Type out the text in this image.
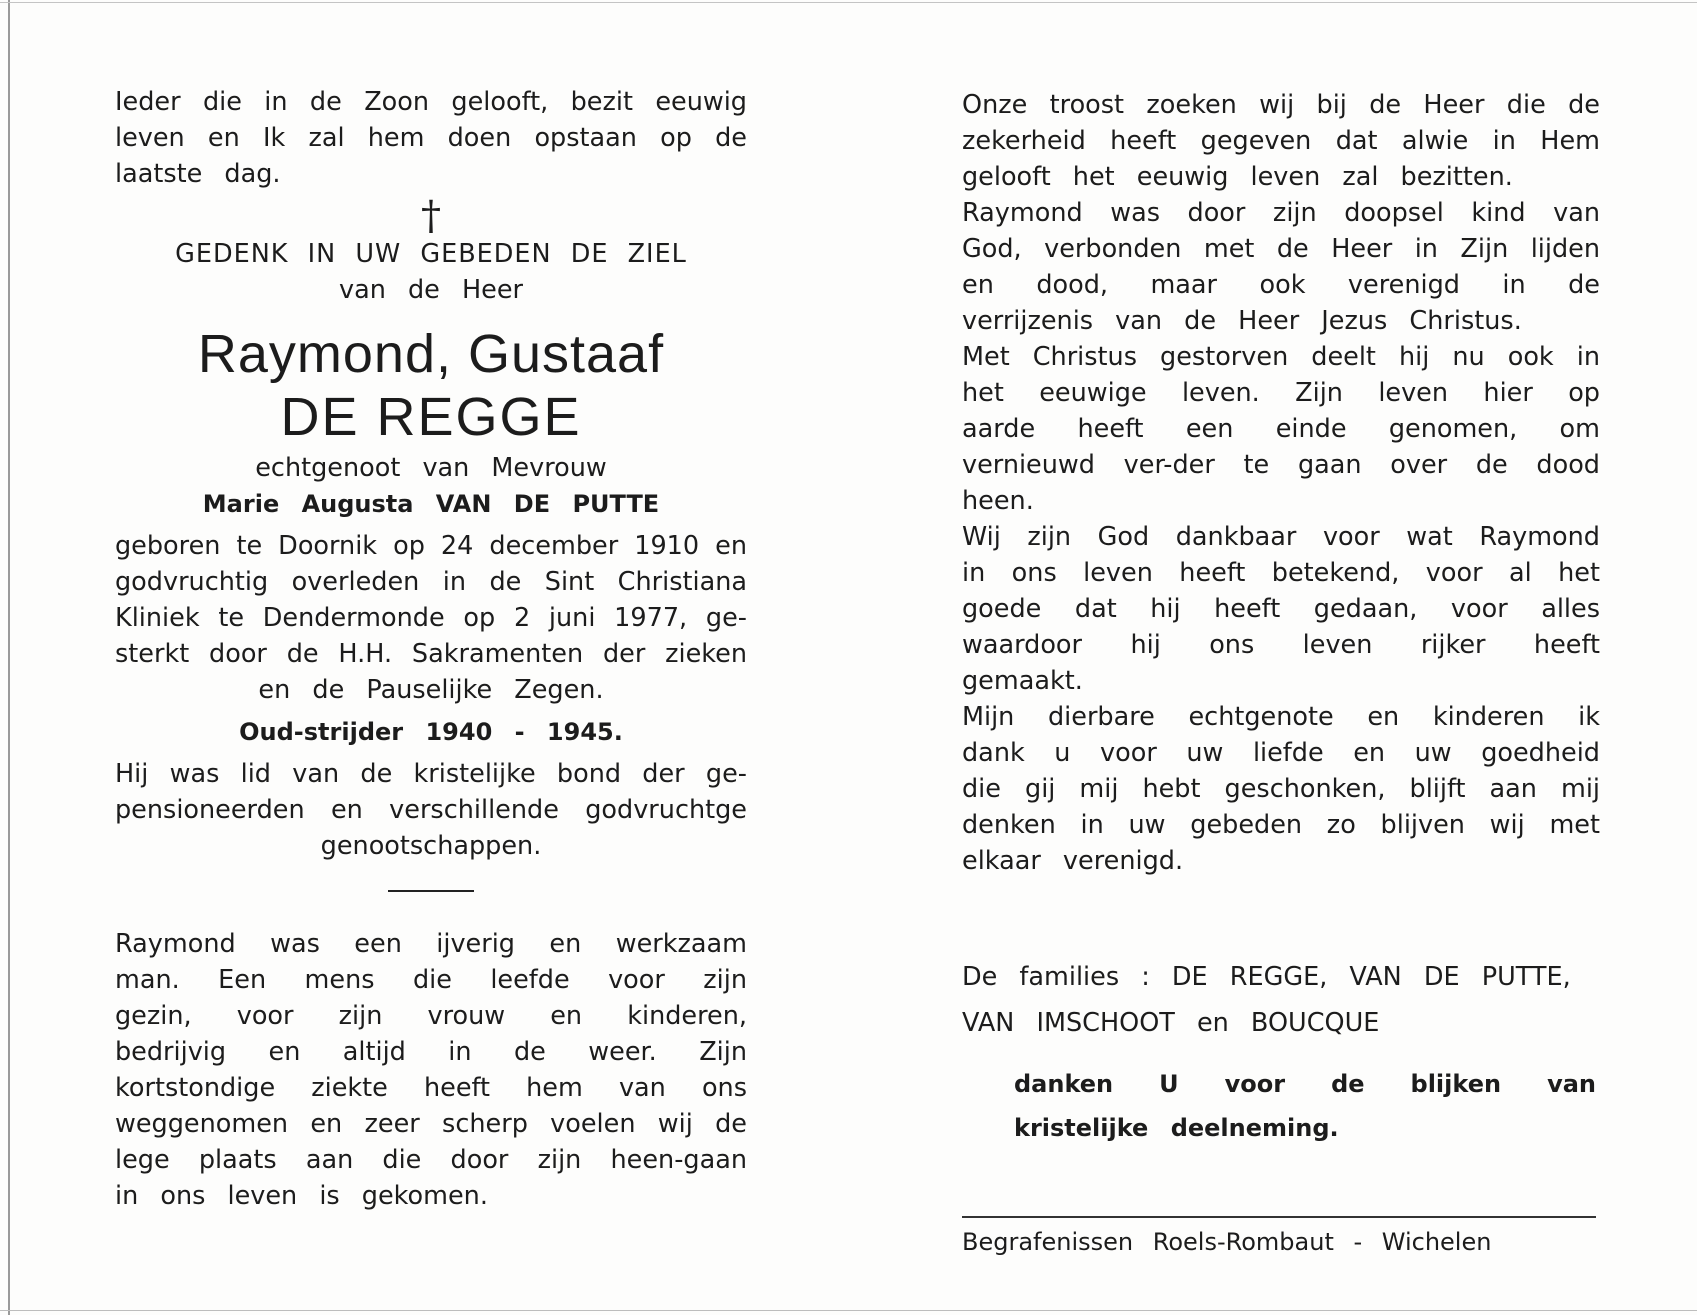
Ieder die in de Zoon gelooft, bezit eeuwig leven en Ik zal hem doen opstaan op de laatste dag.

†

GEDENK IN UW GEBEDEN DE ZIEL

van de Heer

Raymond, Gustaaf
DE REGGE

echtgenoot van Mevrouw

Marie Augusta VAN DE PUTTE

geboren te Doornik op 24 december 1910 en

godvruchtig overleden in de Sint Christiana

Kliniek te Dendermonde op 2 juni 1977, ge-

sterkt door de H.H. Sakramenten der zieken

en de Pauselijke Zegen.

Oud-strijder 1940 - 1945.

Hij was lid van de kristelijke bond der ge-

pensioneerden en verschillende godvruchtge

genootschappen.

Raymond was een ijverig en werkzaam man. Een mens die leefde voor zijn gezin, voor zijn vrouw en kinderen, bedrijvig en altijd in de weer. Zijn kortstondige ziekte heeft hem van ons weggenomen en zeer scherp voelen wij de lege plaats aan die door zijn heen-gaan in ons leven is gekomen.

Onze troost zoeken wij bij de Heer die de zekerheid heeft gegeven dat alwie in Hem gelooft het eeuwig leven zal bezitten.

Raymond was door zijn doopsel kind van God, verbonden met de Heer in Zijn lijden en dood, maar ook verenigd in de verrijzenis van de Heer Jezus Christus.

Met Christus gestorven deelt hij nu ook in het eeuwige leven. Zijn leven hier op aarde heeft een einde genomen, om vernieuwd ver-der te gaan over de dood heen.

Wij zijn God dankbaar voor wat Raymond in ons leven heeft betekend, voor al het goede dat hij heeft gedaan, voor alles waardoor hij ons leven rijker heeft gemaakt.

Mijn dierbare echtgenote en kinderen ik dank u voor uw liefde en uw goedheid die gij mij hebt geschonken, blijft aan mij denken in uw gebeden zo blijven wij met elkaar verenigd.

De families : DE REGGE, VAN DE PUTTE,

VAN IMSCHOOT en BOUCQUE

danken U voor de blijken van kristelijke deelneming.

Begrafenissen Roels-Rombaut - Wichelen
